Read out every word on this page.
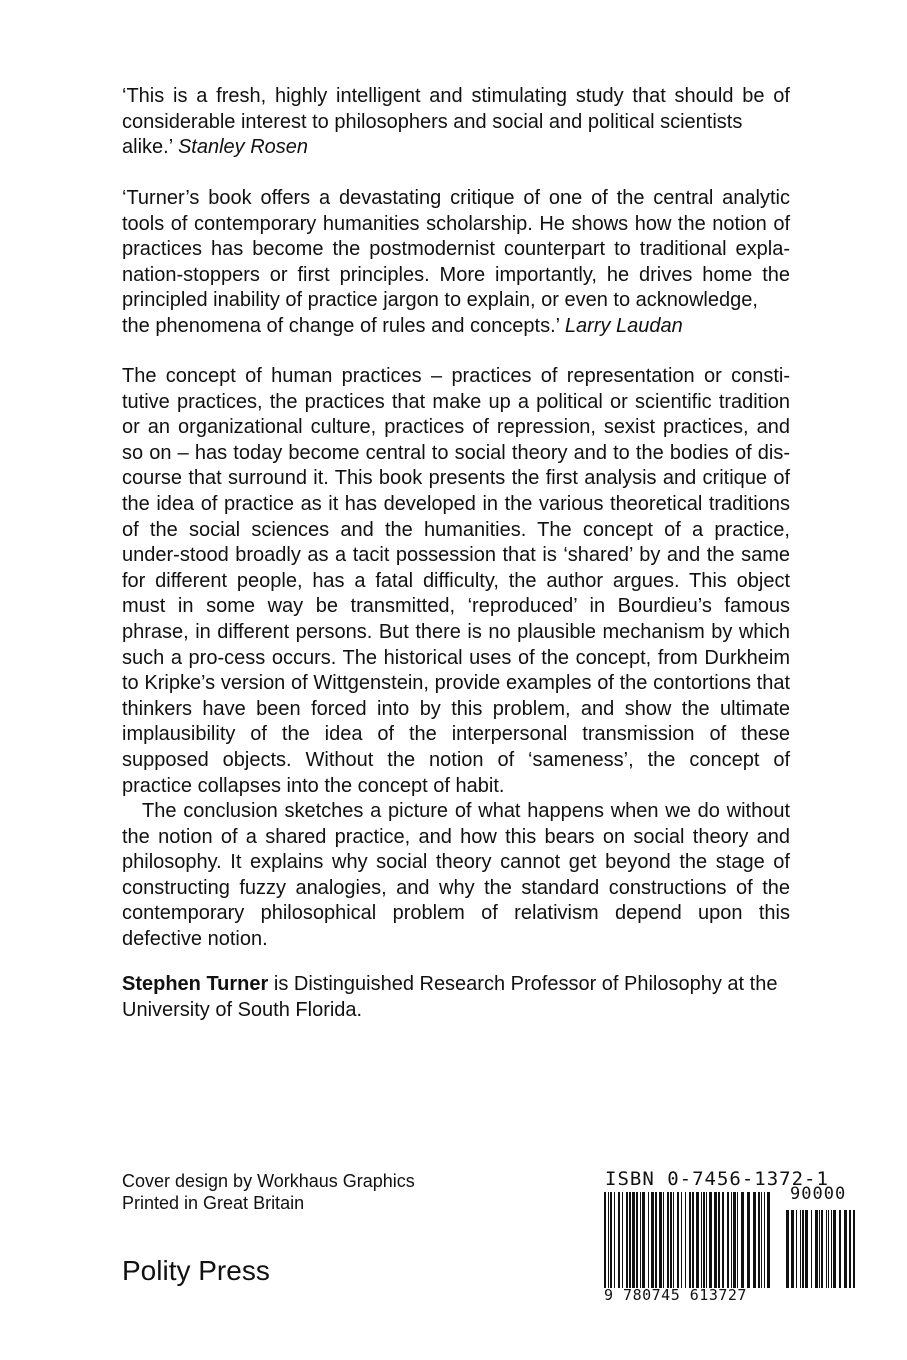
‘This is a fresh, highly intelligent and stimulating study that should be of considerable interest to philosophers and social and political scientists

alike.’ Stanley Rosen

‘Turner’s book offers a devastating critique of one of the central analytic tools of contemporary humanities scholarship. He shows how the notion of practices has become the postmodernist counterpart to traditional expla-nation-stoppers or first principles. More importantly, he drives home the principled inability of practice jargon to explain, or even to acknowledge,

the phenomena of change of rules and concepts.’ Larry Laudan

The concept of human practices – practices of representation or consti-tutive practices, the practices that make up a political or scientific tradition or an organizational culture, practices of repression, sexist practices, and so on – has today become central to social theory and to the bodies of dis-course that surround it. This book presents the first analysis and critique of the idea of practice as it has developed in the various theoretical traditions of the social sciences and the humanities. The concept of a practice, under-stood broadly as a tacit possession that is ‘shared’ by and the same for different people, has a fatal difficulty, the author argues. This object must in some way be transmitted, ‘reproduced’ in Bourdieu’s famous phrase, in different persons. But there is no plausible mechanism by which such a pro-cess occurs. The historical uses of the concept, from Durkheim to Kripke’s version of Wittgenstein, provide examples of the contortions that thinkers have been forced into by this problem, and show the ultimate implausibility of the idea of the interpersonal transmission of these supposed objects. Without the notion of ‘sameness’, the concept of practice collapses into the concept of habit.

The conclusion sketches a picture of what happens when we do without the notion of a shared practice, and how this bears on social theory and philosophy. It explains why social theory cannot get beyond the stage of constructing fuzzy analogies, and why the standard constructions of the contemporary philosophical problem of relativism depend upon this defective notion.

Stephen Turner is Distinguished Research Professor of Philosophy at the University of South Florida.

Cover design by Workhaus Graphics
Printed in Great Britain
Polity Press
ISBN 0-7456-1372-1
90000
9 780745 613727
